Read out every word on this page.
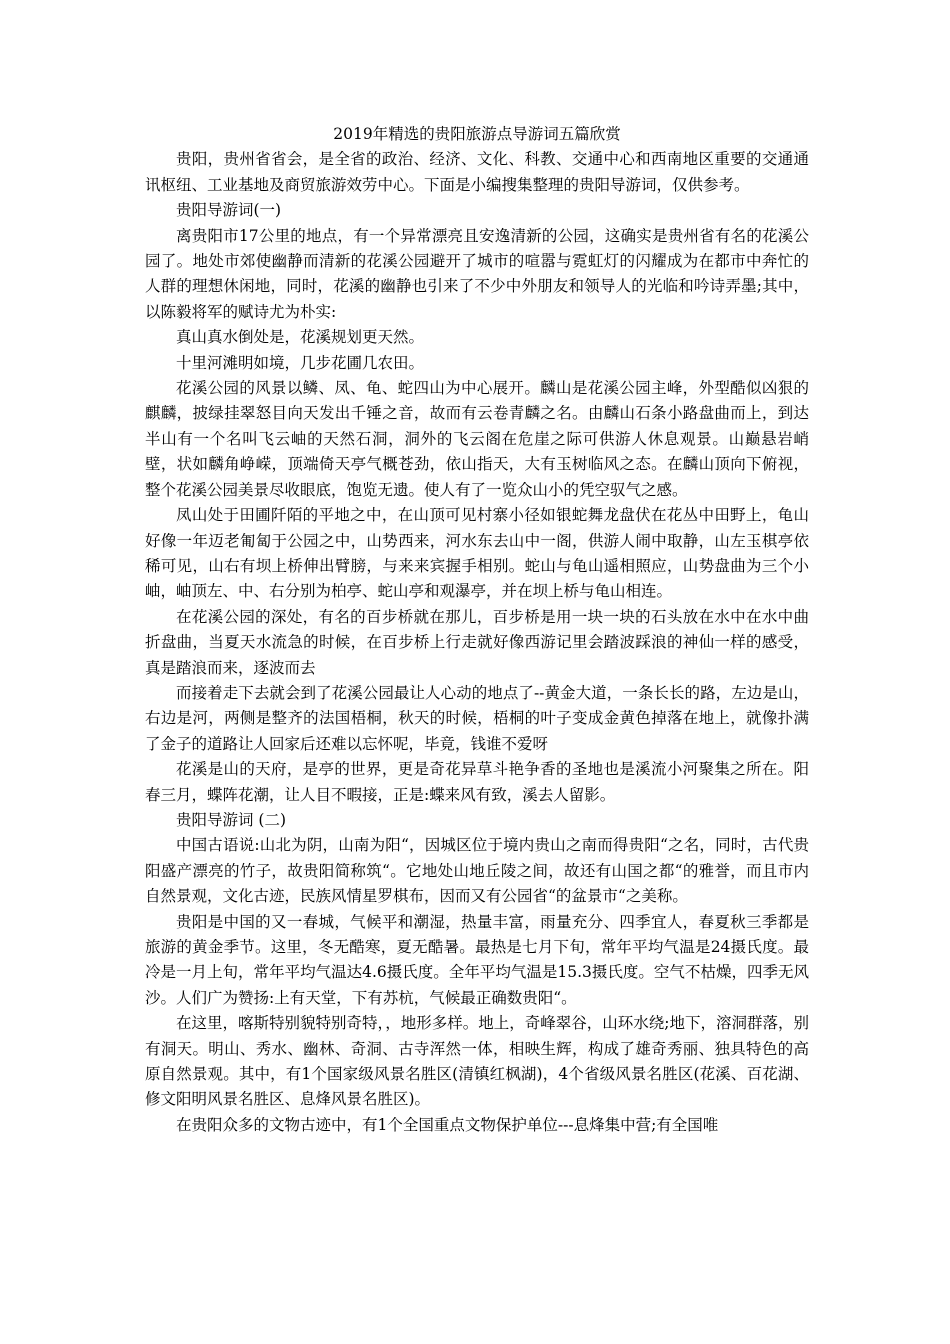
2019年精选的贵阳旅游点导游词五篇欣赏

贵阳，贵州省省会，是全省的政治、经济、文化、科教、交通中心和西南地区重要的交通通讯枢纽、工业基地及商贸旅游效劳中心。下面是小编搜集整理的贵阳导游词，仅供参考。

贵阳导游词(一)

离贵阳市17公里的地点，有一个异常漂亮且安逸清新的公园，这确实是贵州省有名的花溪公园了。地处市郊使幽静而清新的花溪公园避开了城市的喧嚣与霓虹灯的闪耀成为在都市中奔忙的人群的理想休闲地，同时，花溪的幽静也引来了不少中外朋友和领导人的光临和吟诗弄墨;其中，以陈毅将军的赋诗尤为朴实:

真山真水倒处是，花溪规划更天然。

十里河滩明如境，几步花圃几农田。

花溪公园的风景以鳞、凤、龟、蛇四山为中心展开。麟山是花溪公园主峰，外型酷似凶狠的麒麟，披绿挂翠怒目向天发出千锤之音，故而有云卷青麟之名。由麟山石条小路盘曲而上，到达半山有一个名叫飞云岫的天然石洞，洞外的飞云阁在危崖之际可供游人休息观景。山巅悬岩峭壁，状如麟角峥嵘，顶端倚天亭气概苍劲，依山指天，大有玉树临风之态。在麟山顶向下俯视，整个花溪公园美景尽收眼底，饱览无遗。使人有了一览众山小的凭空驭气之感。

凤山处于田圃阡陌的平地之中，在山顶可见村寨小径如银蛇舞龙盘伏在花丛中田野上，龟山好像一年迈老匍匐于公园之中，山势西来，河水东去山中一阁，供游人闹中取静，山左玉棋亭依稀可见，山右有坝上桥伸出臂膀，与来来宾握手相别。蛇山与龟山遥相照应，山势盘曲为三个小岫，岫顶左、中、右分别为柏亭、蛇山亭和观瀑亭，并在坝上桥与龟山相连。

在花溪公园的深处，有名的百步桥就在那儿，百步桥是用一块一块的石头放在水中在水中曲折盘曲，当夏天水流急的时候，在百步桥上行走就好像西游记里会踏波踩浪的神仙一样的感受，真是踏浪而来，逐波而去

而接着走下去就会到了花溪公园最让人心动的地点了--黄金大道，一条长长的路，左边是山，右边是河，两侧是整齐的法国梧桐，秋天的时候，梧桐的叶子变成金黄色掉落在地上，就像扑满了金子的道路让人回家后还难以忘怀呢，毕竟，钱谁不爱呀

花溪是山的天府，是亭的世界，更是奇花异草斗艳争香的圣地也是溪流小河聚集之所在。阳春三月，蝶阵花潮，让人目不暇接，正是:蝶来风有致，溪去人留影。

贵阳导游词 (二)

中国古语说:山北为阴，山南为阳“，因城区位于境内贵山之南而得贵阳“之名，同时，古代贵阳盛产漂亮的竹子，故贵阳简称筑“。它地处山地丘陵之间，故还有山国之都“的雅誉，而且市内自然景观，文化古迹，民族风情星罗棋布，因而又有公园省“的盆景市“之美称。

贵阳是中国的又一春城，气候平和潮湿，热量丰富，雨量充分、四季宜人，春夏秋三季都是旅游的黄金季节。这里，冬无酷寒，夏无酷暑。最热是七月下旬，常年平均气温是24摄氏度。最冷是一月上旬，常年平均气温达4.6摄氏度。全年平均气温是15.3摄氏度。空气不枯燥，四季无风沙。人们广为赞扬:上有天堂，下有苏杭，气候最正确数贵阳“。

在这里，喀斯特别貌特别奇特，，地形多样。地上，奇峰翠谷，山环水绕;地下，溶洞群落，别有洞天。明山、秀水、幽林、奇洞、古寺浑然一体，相映生辉，构成了雄奇秀丽、独具特色的高原自然景观。其中，有1个国家级风景名胜区(清镇红枫湖)，4个省级风景名胜区(花溪、百花湖、修文阳明风景名胜区、息烽风景名胜区)。

在贵阳众多的文物古迹中，有1个全国重点文物保护单位---息烽集中营;有全国唯
